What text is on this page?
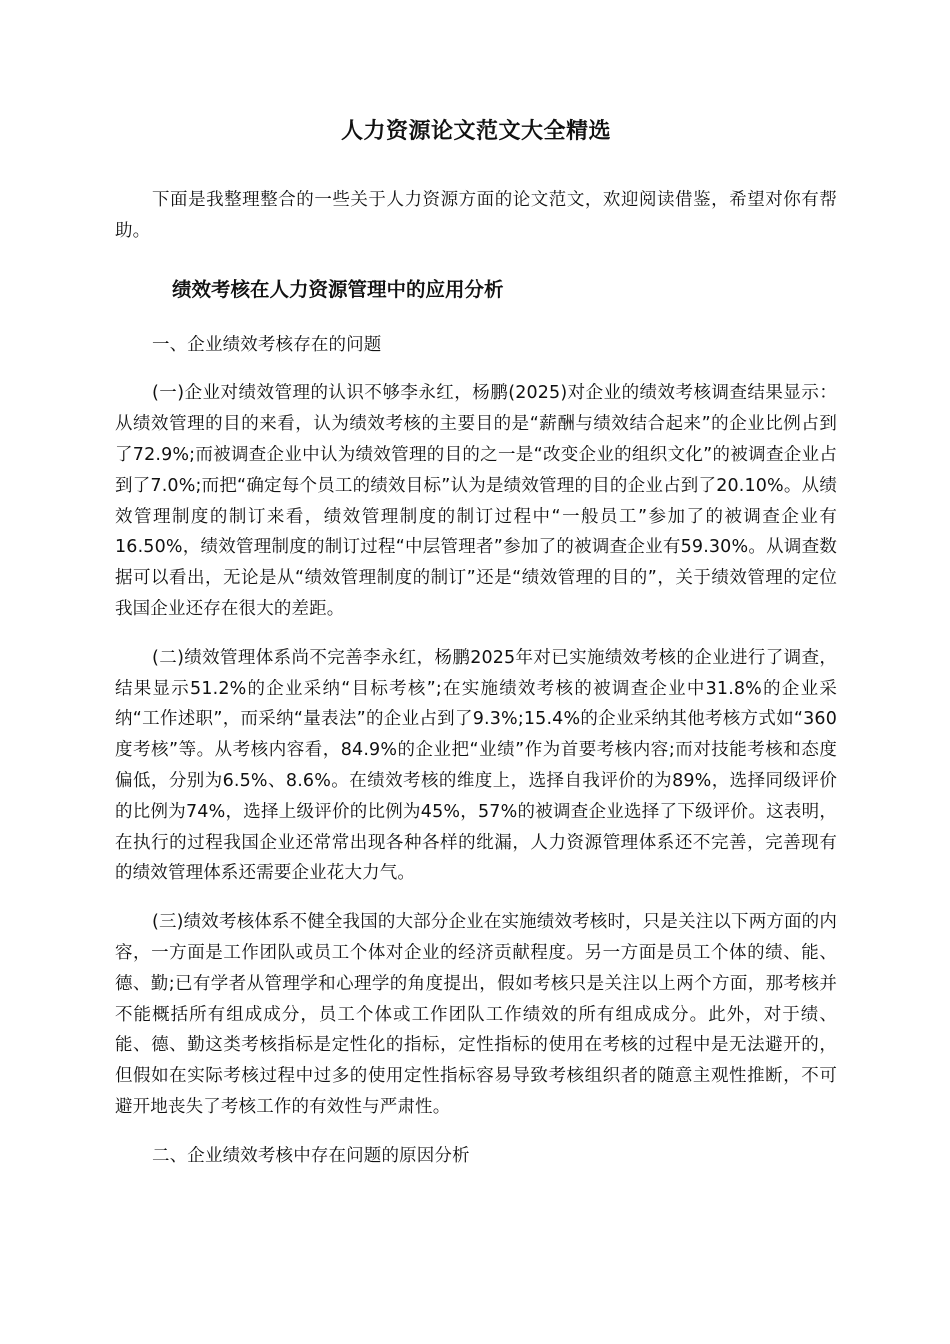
人力资源论文范文大全精选

下面是我整理整合的一些关于人力资源方面的论文范文，欢迎阅读借鉴，希望对你有帮助。

绩效考核在人力资源管理中的应用分析

一、企业绩效考核存在的问题

(一)企业对绩效管理的认识不够李永红，杨鹏(2025)对企业的绩效考核调查结果显示：从绩效管理的目的来看，认为绩效考核的主要目的是“薪酬与绩效结合起来”的企业比例占到了72.9%;而被调查企业中认为绩效管理的目的之一是“改变企业的组织文化”的被调查企业占到了7.0%;而把“确定每个员工的绩效目标”认为是绩效管理的目的企业占到了20.10%。从绩效管理制度的制订来看，绩效管理制度的制订过程中“一般员工”参加了的被调查企业有16.50%，绩效管理制度的制订过程“中层管理者”参加了的被调查企业有59.30%。从调查数据可以看出，无论是从“绩效管理制度的制订”还是“绩效管理的目的”，关于绩效管理的定位我国企业还存在很大的差距。

(二)绩效管理体系尚不完善李永红，杨鹏2025年对已实施绩效考核的企业进行了调查，结果显示51.2%的企业采纳“目标考核”;在实施绩效考核的被调查企业中31.8%的企业采纳“工作述职”，而采纳“量表法”的企业占到了9.3%;15.4%的企业采纳其他考核方式如“360度考核”等。从考核内容看，84.9%的企业把“业绩”作为首要考核内容;而对技能考核和态度偏低，分别为6.5%、8.6%。在绩效考核的维度上，选择自我评价的为89%，选择同级评价的比例为74%，选择上级评价的比例为45%，57%的被调查企业选择了下级评价。这表明，在执行的过程我国企业还常常出现各种各样的纰漏，人力资源管理体系还不完善，完善现有的绩效管理体系还需要企业花大力气。

(三)绩效考核体系不健全我国的大部分企业在实施绩效考核时，只是关注以下两方面的内容，一方面是工作团队或员工个体对企业的经济贡献程度。另一方面是员工个体的绩、能、德、勤;已有学者从管理学和心理学的角度提出，假如考核只是关注以上两个方面，那考核并不能概括所有组成成分，员工个体或工作团队工作绩效的所有组成成分。此外，对于绩、能、德、勤这类考核指标是定性化的指标，定性指标的使用在考核的过程中是无法避开的，但假如在实际考核过程中过多的使用定性指标容易导致考核组织者的随意主观性推断，不可避开地丧失了考核工作的有效性与严肃性。

二、企业绩效考核中存在问题的原因分析
